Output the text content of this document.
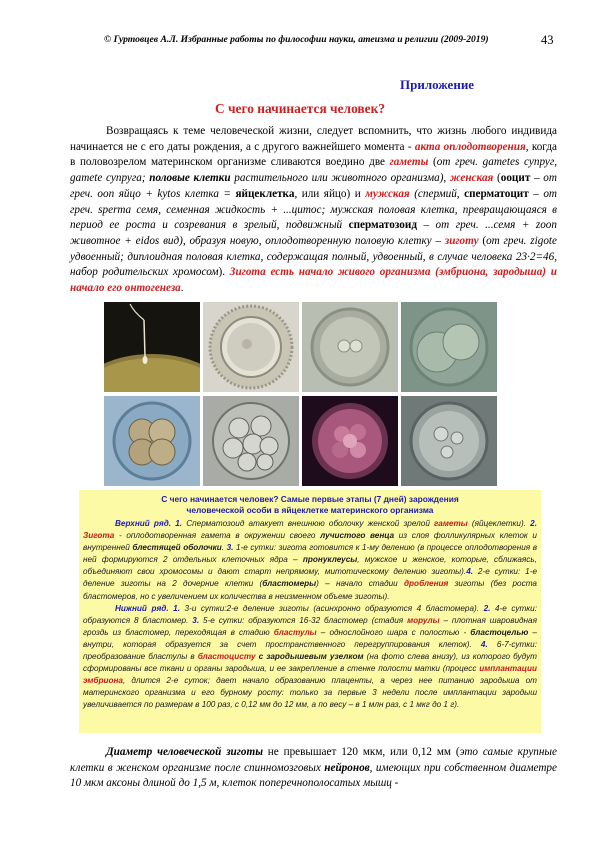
© Гуртовцев А.Л. Избранные работы по философии науки, атеизма и религии (2009-2019)	43
Приложение
С чего начинается человек?
Возвращаясь к теме человеческой жизни, следует вспомнить, что жизнь любого индивида начинается не с его даты рождения, а с другого важнейшего момента - акта оплодотворения, когда в половозрелом материнском организме сливаются воедино две гаметы (от греч. gametes супруг, gamete супруга; половые клетки растительного или животного организма), женская (ооцит – от греч. oon яйцо + kytos клетка = яйцеклетка, или яйцо) и мужская (спермий, сперматоцит – от греч. sperma семя, семенная жидкость + ...цитос; мужская половая клетка, превращающаяся в период ее роста и созревания в зрелый, подвижный сперматозоид – от греч. ...семя + zoon животное + eidos вид), образуя новую, оплодотворенную половую клетку – зиготу (от греч. zigote удвоенный; диплоидная половая клетка, содержащая полный, удвоенный, в случае человека 23·2=46, набор родительских хромосом). Зигота есть начало живого организма (эмбриона, зародыша) и начало его онтогенеза.
С чего начинается человек? Самые первые этапы (7 дней) зарождения
человеческой особи в яйцеклетке материнского организма
Верхний ряд. 1. Сперматозоид атакует внешнюю оболочку женской зрелой гаметы (яйцеклетки). 2. Зигота - оплодотворенная гамета в окружении своего лучистого венца из слоя фолликулярных клеток и внутренней блестящей оболочки. 3. 1-е сутки: зигота готовится к 1-му делению (в процессе оплодотворения в ней формируются 2 отдельных клеточных ядра – пронуклеусы, мужское и женское, которые, сближаясь, объединяют свои хромосомы и дают старт непрямому, митотическому делению зиготы).4. 2-е сутки: 1-е деление зиготы на 2 дочерние клетки (бластомеры) – начало стадии дробления зиготы (без роста бластомеров, но с увеличением их количества в неизменном объеме зиготы).
Нижний ряд. 1. 3-и сутки:2-е деление зиготы (асинхронно образуются 4 бластомера). 2. 4-е сутки: образуются 8 бластомер. 3. 5-е сутки: образуются 16-32 бластомер (стадия морулы – плотная шаровидная гроздь из бластомер, переходящая в стадию бластулы – однослойного шара с полостью - бластоцелью – внутри, которая образуется за счет пространственного перегруппирования клеток). 4. 6-7-сутки: преобразование бластулы в бластоцисту с зародышевым узелком (на фото слева внизу), из которого будут сформированы все ткани и органы зародыша, и ее закрепление в стенке полости матки (процесс имплантации эмбриона, длится 2-е суток; дает начало образованию плаценты, а через нее питанию зародыша от материнского организма и его бурному росту: только за первые 3 недели после имплантации зародыш увеличивается по размерам в 100 раз, с 0,12 мм до 12 мм, а по весу – в 1 млн раз, с 1 мкг до 1 г).
Диаметр человеческой зиготы не превышает 120 мкм, или 0,12 мм (это самые крупные клетки в женском организме после спинномозговых нейронов, имеющих при собственном диаметре 10 мкм аксоны длиной до 1,5 м, клеток поперечнополосатых мышц -
